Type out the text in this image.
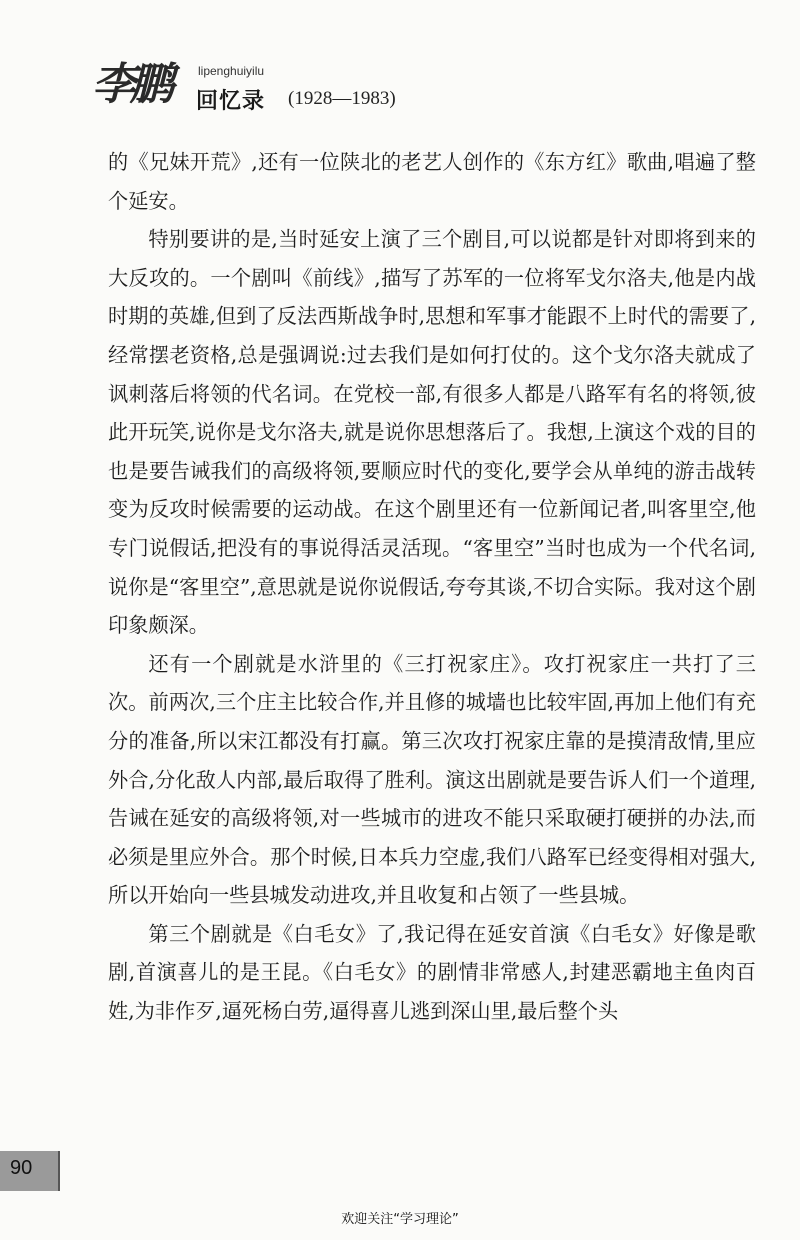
李鹏	lipenghuiyilu
回忆录 (1928—1983)

的《兄妹开荒》,还有一位陕北的老艺人创作的《东方红》歌曲,唱遍了整个延安。

特别要讲的是,当时延安上演了三个剧目,可以说都是针对即将到来的大反攻的。一个剧叫《前线》,描写了苏军的一位将军戈尔洛夫,他是内战时期的英雄,但到了反法西斯战争时,思想和军事才能跟不上时代的需要了,经常摆老资格,总是强调说:过去我们是如何打仗的。这个戈尔洛夫就成了讽刺落后将领的代名词。在党校一部,有很多人都是八路军有名的将领,彼此开玩笑,说你是戈尔洛夫,就是说你思想落后了。我想,上演这个戏的目的也是要告诫我们的高级将领,要顺应时代的变化,要学会从单纯的游击战转变为反攻时候需要的运动战。在这个剧里还有一位新闻记者,叫客里空,他专门说假话,把没有的事说得活灵活现。“客里空”当时也成为一个代名词,说你是“客里空”,意思就是说你说假话,夸夸其谈,不切合实际。我对这个剧印象颇深。

还有一个剧就是水浒里的《三打祝家庄》。攻打祝家庄一共打了三次。前两次,三个庄主比较合作,并且修的城墙也比较牢固,再加上他们有充分的准备,所以宋江都没有打赢。第三次攻打祝家庄靠的是摸清敌情,里应外合,分化敌人内部,最后取得了胜利。演这出剧就是要告诉人们一个道理,告诫在延安的高级将领,对一些城市的进攻不能只采取硬打硬拼的办法,而必须是里应外合。那个时候,日本兵力空虚,我们八路军已经变得相对强大,所以开始向一些县城发动进攻,并且收复和占领了一些县城。

第三个剧就是《白毛女》了,我记得在延安首演《白毛女》好像是歌剧,首演喜儿的是王昆。《白毛女》的剧情非常感人,封建恶霸地主鱼肉百姓,为非作歹,逼死杨白劳,逼得喜儿逃到深山里,最后整个头

90
欢迎关注“学习理论”
